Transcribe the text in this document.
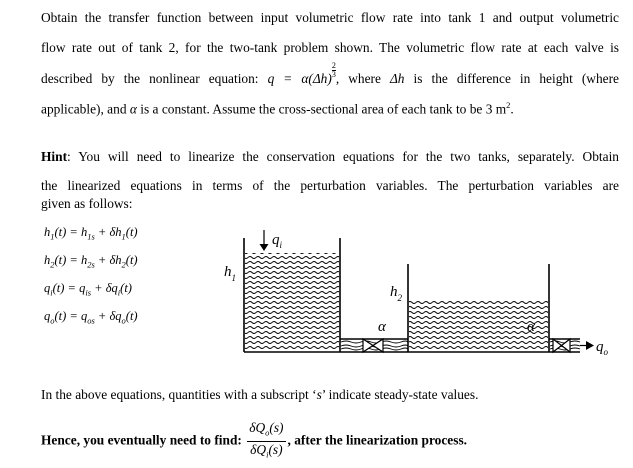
Obtain the transfer function between input volumetric flow rate into tank 1 and output volumetric

flow rate out of tank 2, for the two-tank problem shown. The volumetric flow rate at each valve is

described by the nonlinear equation: $q = \alpha(\Delta h) \frac{2}{3}$, where Δh is the difference in height (where

applicable), and α is a constant. Assume the cross-sectional area of each tank to be 3 $m^2$.

Hint: You will need to linearize the conservation equations for the two tanks, separately. Obtain

the linearized equations in terms of the perturbation variables. The perturbation variables are

given as follows:

$h_1(t) = h_{1s} + \delta h_1(t)$
$h_2(t) = h_{2s} + \delta h_2(t)$
$q_i(t) = q_{is} + \delta q_i(t)$
$q_o(t) = q_{os} + \delta q_o(t)$
$q_i$
$h_1$
α
$h_2$
α
$q_o$

In the above equations, quantities with a subscript ‘s’ indicate steady-state values.

Hence, you eventually need to find: $\frac{\delta Q_o(s)}{\delta Q_i(s)}$ , after the linearization process.
